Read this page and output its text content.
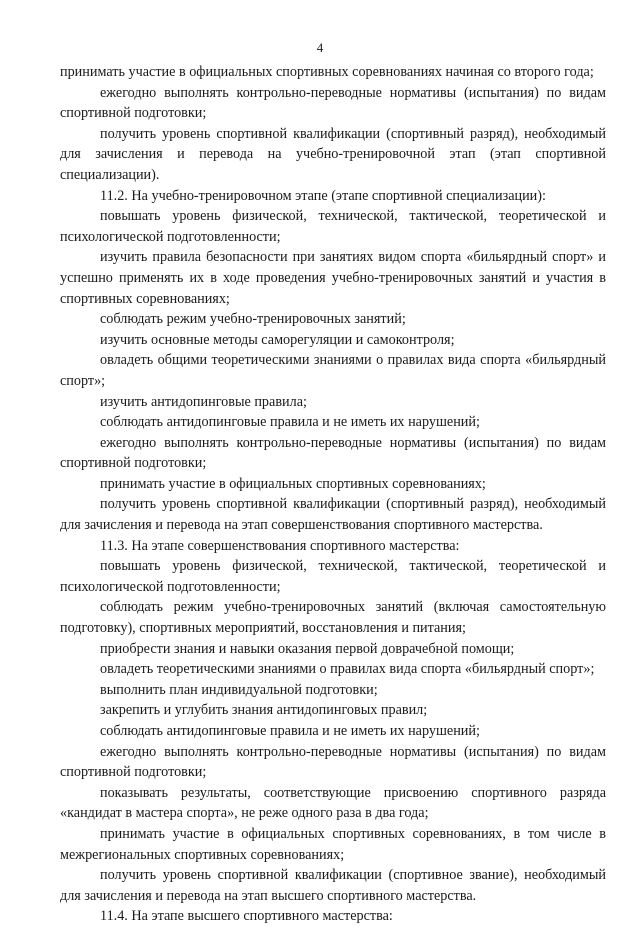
4

принимать участие в официальных спортивных соревнованиях начиная со второго года;

ежегодно выполнять контрольно-переводные нормативы (испытания) по видам спортивной подготовки;

получить уровень спортивной квалификации (спортивный разряд), необходимый для зачисления и перевода на учебно-тренировочной этап (этап спортивной специализации).

11.2. На учебно-тренировочном этапе (этапе спортивной специализации):

повышать уровень физической, технической, тактической, теоретической и психологической подготовленности;

изучить правила безопасности при занятиях видом спорта «бильярдный спорт» и успешно применять их в ходе проведения учебно-тренировочных занятий и участия в спортивных соревнованиях;

соблюдать режим учебно-тренировочных занятий;

изучить основные методы саморегуляции и самоконтроля;

овладеть общими теоретическими знаниями о правилах вида спорта «бильярдный спорт»;

изучить антидопинговые правила;

соблюдать антидопинговые правила и не иметь их нарушений;

ежегодно выполнять контрольно-переводные нормативы (испытания) по видам спортивной подготовки;

принимать участие в официальных спортивных соревнованиях;

получить уровень спортивной квалификации (спортивный разряд), необходимый для зачисления и перевода на этап совершенствования спортивного мастерства.

11.3. На этапе совершенствования спортивного мастерства:

повышать уровень физической, технической, тактической, теоретической и психологической подготовленности;

соблюдать режим учебно-тренировочных занятий (включая самостоятельную подготовку), спортивных мероприятий, восстановления и питания;

приобрести знания и навыки оказания первой доврачебной помощи;

овладеть теоретическими знаниями о правилах вида спорта «бильярдный спорт»;

выполнить план индивидуальной подготовки;

закрепить и углубить знания антидопинговых правил;

соблюдать антидопинговые правила и не иметь их нарушений;

ежегодно выполнять контрольно-переводные нормативы (испытания) по видам спортивной подготовки;

показывать результаты, соответствующие присвоению спортивного разряда «кандидат в мастера спорта», не реже одного раза в два года;

принимать участие в официальных спортивных соревнованиях, в том числе в межрегиональных спортивных соревнованиях;

получить уровень спортивной квалификации (спортивное звание), необходимый для зачисления и перевода на этап высшего спортивного мастерства.

11.4. На этапе высшего спортивного мастерства:
